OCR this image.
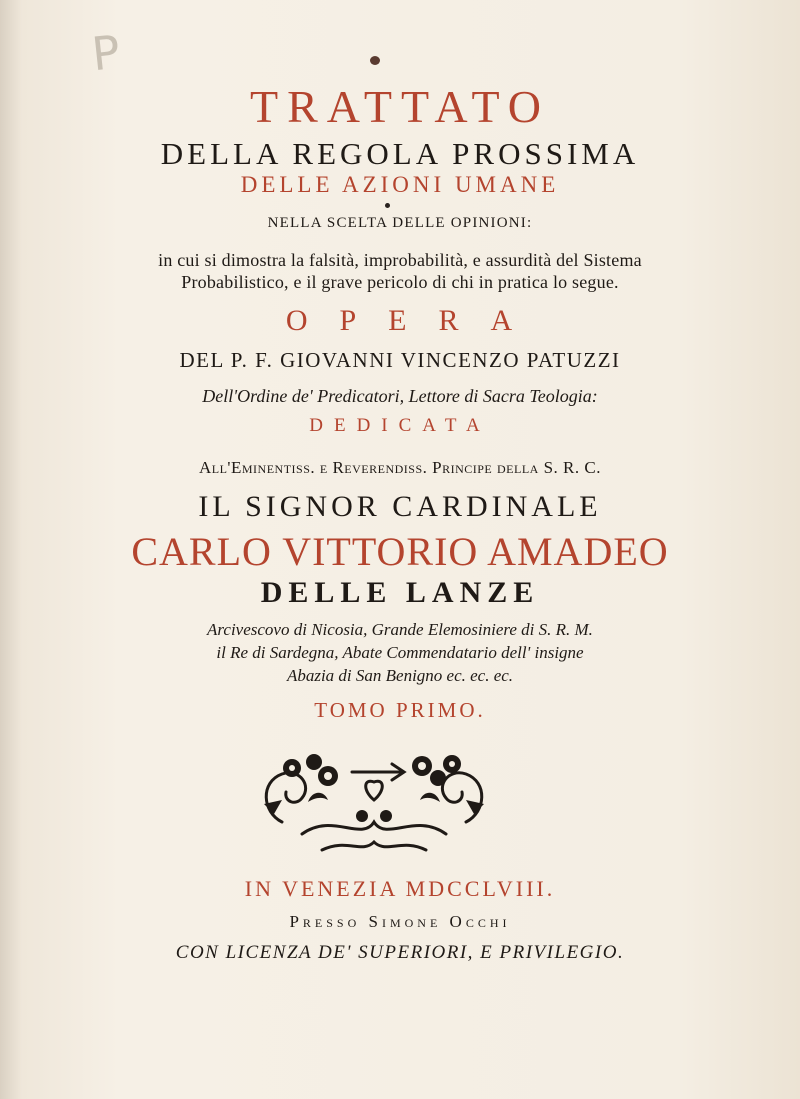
P
TRATTATO
DELLA REGOLA PROSSIMA
DELLE AZIONI UMANE
NELLA SCELTA DELLE OPINIONI:
in cui si dimostra la falsità, improbabilità, e assurdità del Sistema
Probabilistico, e il grave pericolo di chi in pratica lo segue.
OPERA
DEL P. F. GIOVANNI VINCENZO PATUZZI
Dell'Ordine de' Predicatori, Lettore di Sacra Teologia:
DEDICATA
All'Eminentiss. e Reverendiss. Principe della S. R. C.
IL SIGNOR CARDINALE
CARLO VITTORIO AMADEO
DELLE LANZE
Arcivescovo di Nicosia, Grande Elemosiniere di S. R. M.
il Re di Sardegna, Abate Commendatario dell' insigne
Abazia di San Benigno ec. ec. ec.
TOMO PRIMO.
IN VENEZIA MDCCLVIII.
Presso Simone Occhi
CON LICENZA DE' SUPERIORI, E PRIVILEGIO.
